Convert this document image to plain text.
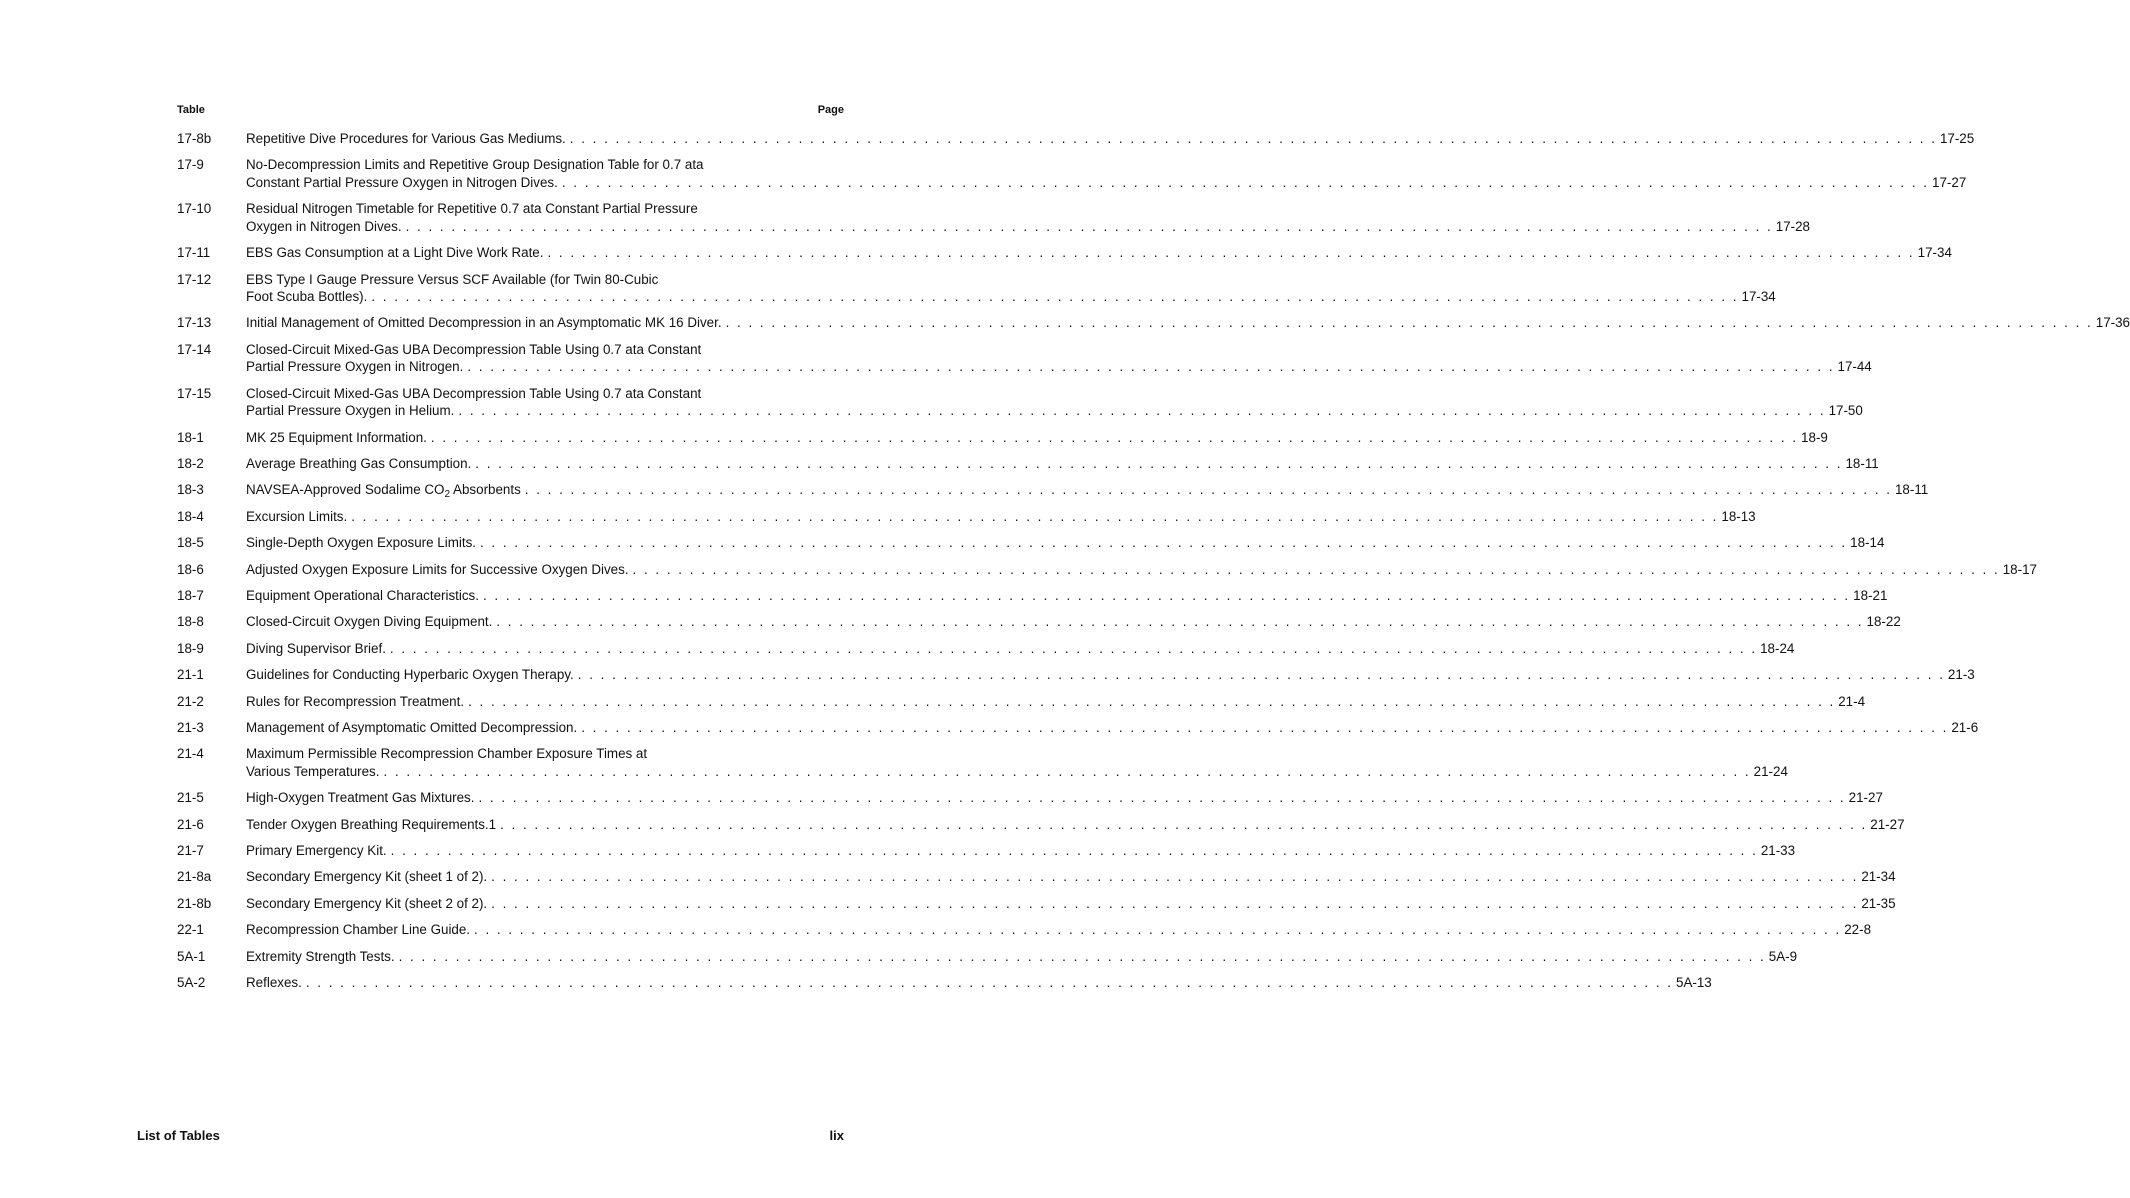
Table	Page
17-8b	Repetitive Dive Procedures for Various Gas Mediums. . . . . . . . . . . . . . . . . . . . . . . . . . . . . . . . . . . . . . . . . . . . . . . . . . . . . . . . . . . . . . . . . . . . . . . . . . . . . . . . . . . . . . . . . . . . . . . . . . . . . . . . . . . . . . . . . . . . . . . . . 17-25
17-9	No-Decompression Limits and Repetitive Group Designation Table for 0.7 ata
Constant Partial Pressure Oxygen in Nitrogen Dives. . . . . . . . . . . . . . . . . . . . . . . . . . . . . . . . . . . . . . . . . . . . . . . . . . . . . . . . . . . . . . . . . . . . . . . . . . . . . . . . . . . . . . . . . . . . . . . . . . . . . . . . . . . . . . . . . . . . . . . . . 17-27
17-10	Residual Nitrogen Timetable for Repetitive 0.7 ata Constant Partial Pressure
Oxygen in Nitrogen Dives. . . . . . . . . . . . . . . . . . . . . . . . . . . . . . . . . . . . . . . . . . . . . . . . . . . . . . . . . . . . . . . . . . . . . . . . . . . . . . . . . . . . . . . . . . . . . . . . . . . . . . . . . . . . . . . . . . . . . . . . . 17-28
17-11	EBS Gas Consumption at a Light Dive Work Rate. . . . . . . . . . . . . . . . . . . . . . . . . . . . . . . . . . . . . . . . . . . . . . . . . . . . . . . . . . . . . . . . . . . . . . . . . . . . . . . . . . . . . . . . . . . . . . . . . . . . . . . . . . . . . . . . . . . . . . . . . 17-34
17-12	EBS Type I Gauge Pressure Versus SCF Available (for Twin 80-Cubic
Foot Scuba Bottles). . . . . . . . . . . . . . . . . . . . . . . . . . . . . . . . . . . . . . . . . . . . . . . . . . . . . . . . . . . . . . . . . . . . . . . . . . . . . . . . . . . . . . . . . . . . . . . . . . . . . . . . . . . . . . . . . . . . . . . . . 17-34
17-13	Initial Management of Omitted Decompression in an Asymptomatic MK 16 Diver. . . . . . . . . . . . . . . . . . . . . . . . . . . . . . . . . . . . . . . . . . . . . . . . . . . . . . . . . . . . . . . . . . . . . . . . . . . . . . . . . . . . . . . . . . . . . . . . . . . . . . . . . . . . . . . . . . . . . . . . . 17-36
17-14	Closed-Circuit Mixed-Gas UBA Decompression Table Using 0.7 ata Constant
Partial Pressure Oxygen in Nitrogen. . . . . . . . . . . . . . . . . . . . . . . . . . . . . . . . . . . . . . . . . . . . . . . . . . . . . . . . . . . . . . . . . . . . . . . . . . . . . . . . . . . . . . . . . . . . . . . . . . . . . . . . . . . . . . . . . . . . . . . . . 17-44
17-15	Closed-Circuit Mixed-Gas UBA Decompression Table Using 0.7 ata Constant
Partial Pressure Oxygen in Helium. . . . . . . . . . . . . . . . . . . . . . . . . . . . . . . . . . . . . . . . . . . . . . . . . . . . . . . . . . . . . . . . . . . . . . . . . . . . . . . . . . . . . . . . . . . . . . . . . . . . . . . . . . . . . . . . . . . . . . . . . 17-50
18-1	MK 25 Equipment Information. . . . . . . . . . . . . . . . . . . . . . . . . . . . . . . . . . . . . . . . . . . . . . . . . . . . . . . . . . . . . . . . . . . . . . . . . . . . . . . . . . . . . . . . . . . . . . . . . . . . . . . . . . . . . . . . . . . . . . . . . 18-9
18-2	Average Breathing Gas Consumption. . . . . . . . . . . . . . . . . . . . . . . . . . . . . . . . . . . . . . . . . . . . . . . . . . . . . . . . . . . . . . . . . . . . . . . . . . . . . . . . . . . . . . . . . . . . . . . . . . . . . . . . . . . . . . . . . . . . . . . . . 18-11
18-3	NAVSEA-Approved Sodalime $CO_2$ Absorbents . . . . . . . . . . . . . . . . . . . . . . . . . . . . . . . . . . . . . . . . . . . . . . . . . . . . . . . . . . . . . . . . . . . . . . . . . . . . . . . . . . . . . . . . . . . . . . . . . . . . . . . . . . . . . . . . . . . . . . . . 18-11
18-4	Excursion Limits. . . . . . . . . . . . . . . . . . . . . . . . . . . . . . . . . . . . . . . . . . . . . . . . . . . . . . . . . . . . . . . . . . . . . . . . . . . . . . . . . . . . . . . . . . . . . . . . . . . . . . . . . . . . . . . . . . . . . . . . . 18-13
18-5	Single-Depth Oxygen Exposure Limits. . . . . . . . . . . . . . . . . . . . . . . . . . . . . . . . . . . . . . . . . . . . . . . . . . . . . . . . . . . . . . . . . . . . . . . . . . . . . . . . . . . . . . . . . . . . . . . . . . . . . . . . . . . . . . . . . . . . . . . . . 18-14
18-6	Adjusted Oxygen Exposure Limits for Successive Oxygen Dives. . . . . . . . . . . . . . . . . . . . . . . . . . . . . . . . . . . . . . . . . . . . . . . . . . . . . . . . . . . . . . . . . . . . . . . . . . . . . . . . . . . . . . . . . . . . . . . . . . . . . . . . . . . . . . . . . . . . . . . . . 18-17
18-7	Equipment Operational Characteristics. . . . . . . . . . . . . . . . . . . . . . . . . . . . . . . . . . . . . . . . . . . . . . . . . . . . . . . . . . . . . . . . . . . . . . . . . . . . . . . . . . . . . . . . . . . . . . . . . . . . . . . . . . . . . . . . . . . . . . . . . 18-21
18-8	Closed-Circuit Oxygen Diving Equipment. . . . . . . . . . . . . . . . . . . . . . . . . . . . . . . . . . . . . . . . . . . . . . . . . . . . . . . . . . . . . . . . . . . . . . . . . . . . . . . . . . . . . . . . . . . . . . . . . . . . . . . . . . . . . . . . . . . . . . . . . 18-22
18-9	Diving Supervisor Brief. . . . . . . . . . . . . . . . . . . . . . . . . . . . . . . . . . . . . . . . . . . . . . . . . . . . . . . . . . . . . . . . . . . . . . . . . . . . . . . . . . . . . . . . . . . . . . . . . . . . . . . . . . . . . . . . . . . . . . . . . 18-24
21-1	Guidelines for Conducting Hyperbaric Oxygen Therapy. . . . . . . . . . . . . . . . . . . . . . . . . . . . . . . . . . . . . . . . . . . . . . . . . . . . . . . . . . . . . . . . . . . . . . . . . . . . . . . . . . . . . . . . . . . . . . . . . . . . . . . . . . . . . . . . . . . . . . . . . 21-3
21-2	Rules for Recompression Treatment. . . . . . . . . . . . . . . . . . . . . . . . . . . . . . . . . . . . . . . . . . . . . . . . . . . . . . . . . . . . . . . . . . . . . . . . . . . . . . . . . . . . . . . . . . . . . . . . . . . . . . . . . . . . . . . . . . . . . . . . . 21-4
21-3	Management of Asymptomatic Omitted Decompression. . . . . . . . . . . . . . . . . . . . . . . . . . . . . . . . . . . . . . . . . . . . . . . . . . . . . . . . . . . . . . . . . . . . . . . . . . . . . . . . . . . . . . . . . . . . . . . . . . . . . . . . . . . . . . . . . . . . . . . . . 21-6
21-4	Maximum Permissible Recompression Chamber Exposure Times at
Various Temperatures. . . . . . . . . . . . . . . . . . . . . . . . . . . . . . . . . . . . . . . . . . . . . . . . . . . . . . . . . . . . . . . . . . . . . . . . . . . . . . . . . . . . . . . . . . . . . . . . . . . . . . . . . . . . . . . . . . . . . . . . . 21-24
21-5	High-Oxygen Treatment Gas Mixtures. . . . . . . . . . . . . . . . . . . . . . . . . . . . . . . . . . . . . . . . . . . . . . . . . . . . . . . . . . . . . . . . . . . . . . . . . . . . . . . . . . . . . . . . . . . . . . . . . . . . . . . . . . . . . . . . . . . . . . . . . 21-27
21-6	Tender Oxygen Breathing Requirements.1 . . . . . . . . . . . . . . . . . . . . . . . . . . . . . . . . . . . . . . . . . . . . . . . . . . . . . . . . . . . . . . . . . . . . . . . . . . . . . . . . . . . . . . . . . . . . . . . . . . . . . . . . . . . . . . . . . . . . . . . . 21-27
21-7	Primary Emergency Kit. . . . . . . . . . . . . . . . . . . . . . . . . . . . . . . . . . . . . . . . . . . . . . . . . . . . . . . . . . . . . . . . . . . . . . . . . . . . . . . . . . . . . . . . . . . . . . . . . . . . . . . . . . . . . . . . . . . . . . . . . 21-33
21-8a	Secondary Emergency Kit (sheet 1 of 2). . . . . . . . . . . . . . . . . . . . . . . . . . . . . . . . . . . . . . . . . . . . . . . . . . . . . . . . . . . . . . . . . . . . . . . . . . . . . . . . . . . . . . . . . . . . . . . . . . . . . . . . . . . . . . . . . . . . . . . . . 21-34
21-8b	Secondary Emergency Kit (sheet 2 of 2). . . . . . . . . . . . . . . . . . . . . . . . . . . . . . . . . . . . . . . . . . . . . . . . . . . . . . . . . . . . . . . . . . . . . . . . . . . . . . . . . . . . . . . . . . . . . . . . . . . . . . . . . . . . . . . . . . . . . . . . . 21-35
22-1	Recompression Chamber Line Guide. . . . . . . . . . . . . . . . . . . . . . . . . . . . . . . . . . . . . . . . . . . . . . . . . . . . . . . . . . . . . . . . . . . . . . . . . . . . . . . . . . . . . . . . . . . . . . . . . . . . . . . . . . . . . . . . . . . . . . . . . 22-8
5A-1	Extremity Strength Tests. . . . . . . . . . . . . . . . . . . . . . . . . . . . . . . . . . . . . . . . . . . . . . . . . . . . . . . . . . . . . . . . . . . . . . . . . . . . . . . . . . . . . . . . . . . . . . . . . . . . . . . . . . . . . . . . . . . . . . . . . 5A-9
5A-2	Reflexes. . . . . . . . . . . . . . . . . . . . . . . . . . . . . . . . . . . . . . . . . . . . . . . . . . . . . . . . . . . . . . . . . . . . . . . . . . . . . . . . . . . . . . . . . . . . . . . . . . . . . . . . . . . . . . . . . . . . . . . . . 5A-13
List of Tables	lix
